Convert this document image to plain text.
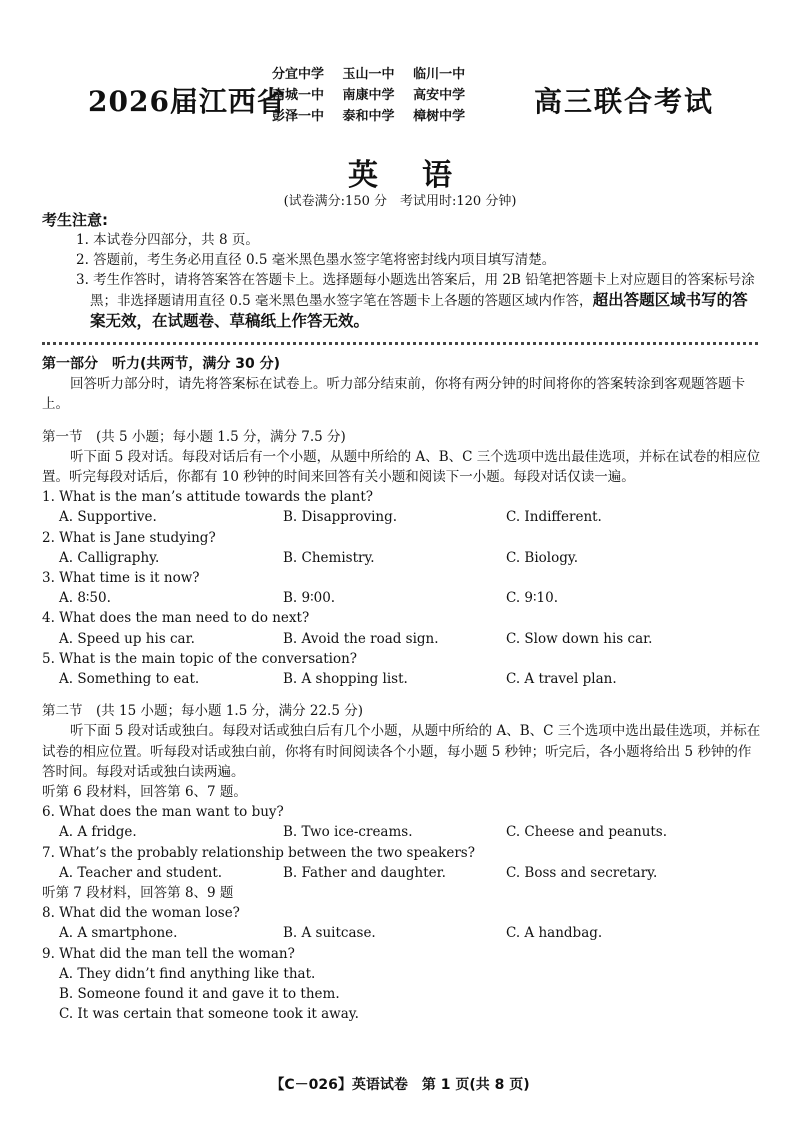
2026届江西省
分宜中学 玉山一中 临川一中
南城一中 南康中学 高安中学
彭泽一中 泰和中学 樟树中学	高三联合考试
英语
(试卷满分:150 分　考试用时:120 分钟)
考生注意:
1. 本试卷分四部分，共 8 页。
2. 答题前，考生务必用直径 0.5 毫米黑色墨水签字笔将密封线内项目填写清楚。
3. 考生作答时，请将答案答在答题卡上。选择题每小题选出答案后，用 2B 铅笔把答题卡上对应题目的答案标号涂黑；非选择题请用直径 0.5 毫米黑色墨水签字笔在答题卡上各题的答题区域内作答，超出答题区域书写的答案无效，在试题卷、草稿纸上作答无效。
第一部分　听力(共两节，满分 30 分)
回答听力部分时，请先将答案标在试卷上。听力部分结束前，你将有两分钟的时间将你的答案转涂到客观题答题卡上。
第一节　(共 5 小题；每小题 1.5 分，满分 7.5 分)
听下面 5 段对话。每段对话后有一个小题，从题中所给的 A、B、C 三个选项中选出最佳选项，并标在试卷的相应位置。听完每段对话后，你都有 10 秒钟的时间来回答有关小题和阅读下一小题。每段对话仅读一遍。
1. What is the man’s attitude towards the plant?
A. Supportive.	B. Disapproving.	C. Indifferent.
2. What is Jane studying?
A. Calligraphy.	B. Chemistry.	C. Biology.
3. What time is it now?
A. 8∶50.	B. 9∶00.	C. 9∶10.
4. What does the man need to do next?
A. Speed up his car.	B. Avoid the road sign.	C. Slow down his car.
5. What is the main topic of the conversation?
A. Something to eat.	B. A shopping list.	C. A travel plan.
第二节　(共 15 小题；每小题 1.5 分，满分 22.5 分)
听下面 5 段对话或独白。每段对话或独白后有几个小题，从题中所给的 A、B、C 三个选项中选出最佳选项，并标在试卷的相应位置。听每段对话或独白前，你将有时间阅读各个小题，每小题 5 秒钟；听完后，各小题将给出 5 秒钟的作答时间。每段对话或独白读两遍。
听第 6 段材料，回答第 6、7 题。
6. What does the man want to buy?
A. A fridge.	B. Two ice-creams.	C. Cheese and peanuts.
7. What’s the probably relationship between the two speakers?
A. Teacher and student.	B. Father and daughter.	C. Boss and secretary.
听第 7 段材料，回答第 8、9 题
8. What did the woman lose?
A. A smartphone.	B. A suitcase.	C. A handbag.
9. What did the man tell the woman?
A. They didn’t find anything like that.
B. Someone found it and gave it to them.
C. It was certain that someone took it away.
【C－026】英语试卷　第 1 页(共 8 页)
